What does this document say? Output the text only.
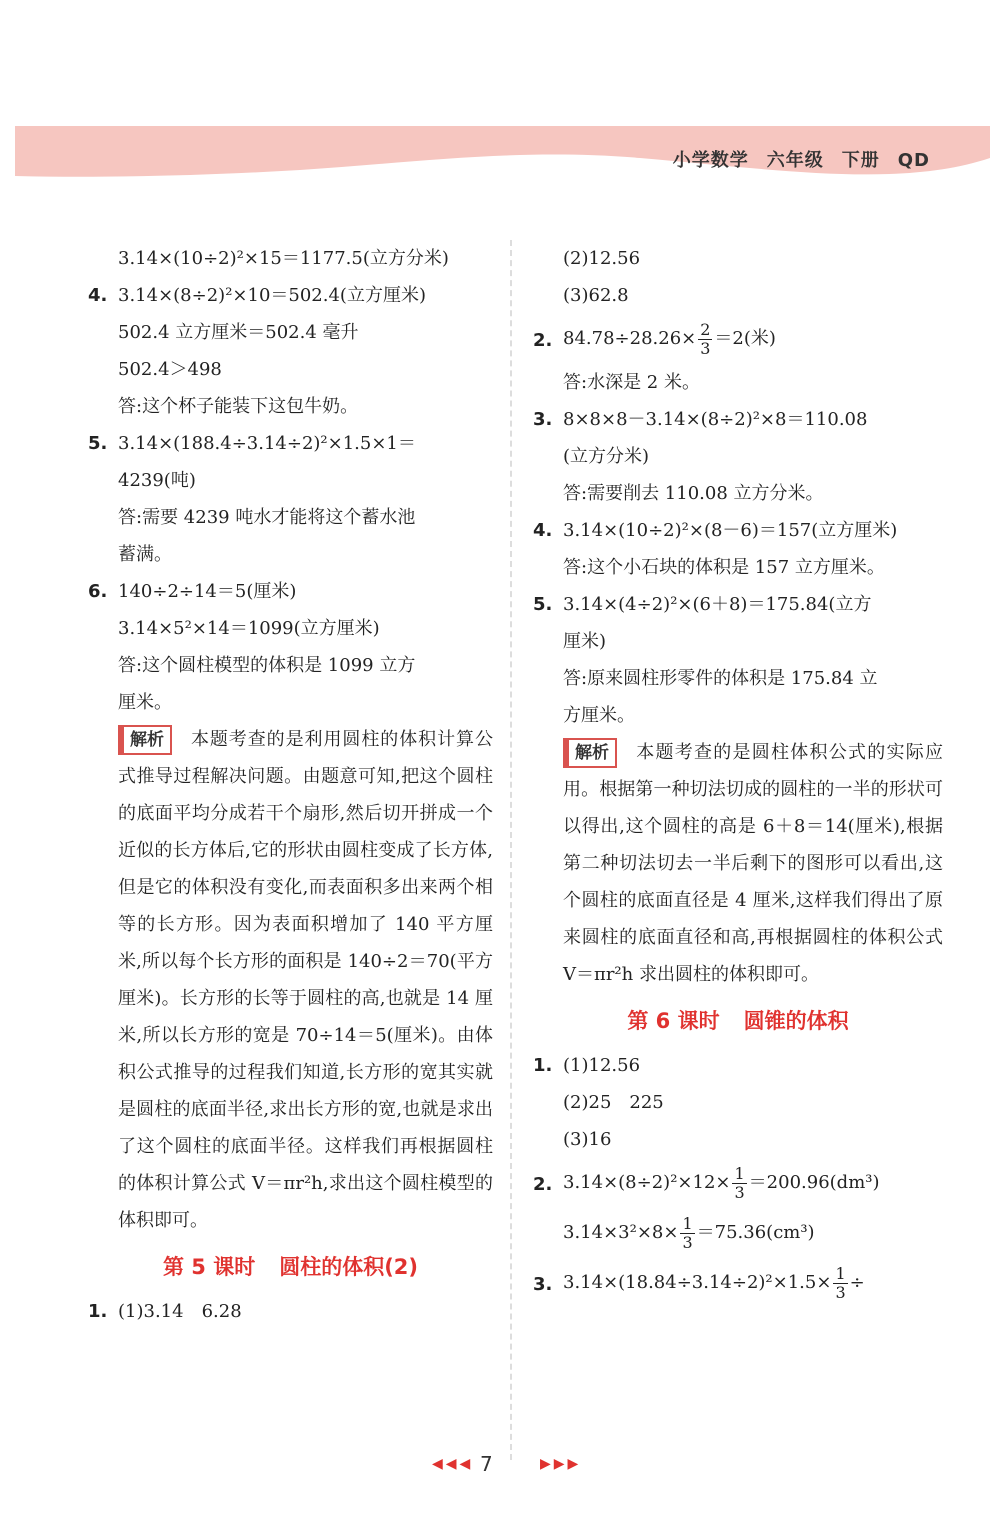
小学数学 六年级 下册 QD
3.14×(10÷2)²×15＝1177.5(立方分米)
4. 3.14×(8÷2)²×10＝502.4(立方厘米)
502.4 立方厘米＝502.4 毫升
502.4＞498
答:这个杯子能装下这包牛奶。
5. 3.14×(188.4÷3.14÷2)²×1.5×1＝
4239(吨)
答:需要 4239 吨水才能将这个蓄水池
蓄满。
6. 140÷2÷14＝5(厘米)
3.14×5²×14＝1099(立方厘米)
答:这个圆柱模型的体积是 1099 立方
厘米。
解析 本题考查的是利用圆柱的体积计算公式推导过程解决问题。由题意可知,把这个圆柱的底面平均分成若干个扇形,然后切开拼成一个近似的长方体后,它的形状由圆柱变成了长方体,但是它的体积没有变化,而表面积多出来两个相等的长方形。因为表面积增加了 140 平方厘米,所以每个长方形的面积是 140÷2＝70(平方厘米)。长方形的长等于圆柱的高,也就是 14 厘米,所以长方形的宽是 70÷14＝5(厘米)。由体积公式推导的过程我们知道,长方形的宽其实就是圆柱的底面半径,求出长方形的宽,也就是求出了这个圆柱的底面半径。这样我们再根据圆柱的体积计算公式 V＝πr²h,求出这个圆柱模型的体积即可。
第 5 课时 圆柱的体积(2)
1. (1)3.14　6.28
(2)12.56
(3)62.8
2. $84.78\div 28.26\times \frac{2}{3} =2$(米)
答:水深是 2 米。
3. 8×8×8－3.14×(8÷2)²×8＝110.08
(立方分米)
答:需要削去 110.08 立方分米。
4. 3.14×(10÷2)²×(8－6)＝157(立方厘米)
答:这个小石块的体积是 157 立方厘米。
5. 3.14×(4÷2)²×(6＋8)＝175.84(立方
厘米)
答:原来圆柱形零件的体积是 175.84 立
方厘米。
解析 本题考查的是圆柱体积公式的实际应用。根据第一种切法切成的圆柱的一半的形状可以得出,这个圆柱的高是 6＋8＝14(厘米),根据第二种切法切去一半后剩下的图形可以看出,这个圆柱的底面直径是 4 厘米,这样我们得出了原来圆柱的底面直径和高,再根据圆柱的体积公式 V＝πr²h 求出圆柱的体积即可。
第 6 课时 圆锥的体积
1. (1)12.56
(2)25　225
(3)16
2. $3.14\times(8\div 2)^2\times 12\times \frac{1}{3} =200.96(dm^3)$
$3.14\times 3^2\times 8\times \frac{1}{3} =75.36(cm^3)$
3. $3.14\times(18.84\div 3.14\div 2)^2\times 1.5\times \frac{1}{3}$ ÷
◀◀◀ 7	▶▶▶
